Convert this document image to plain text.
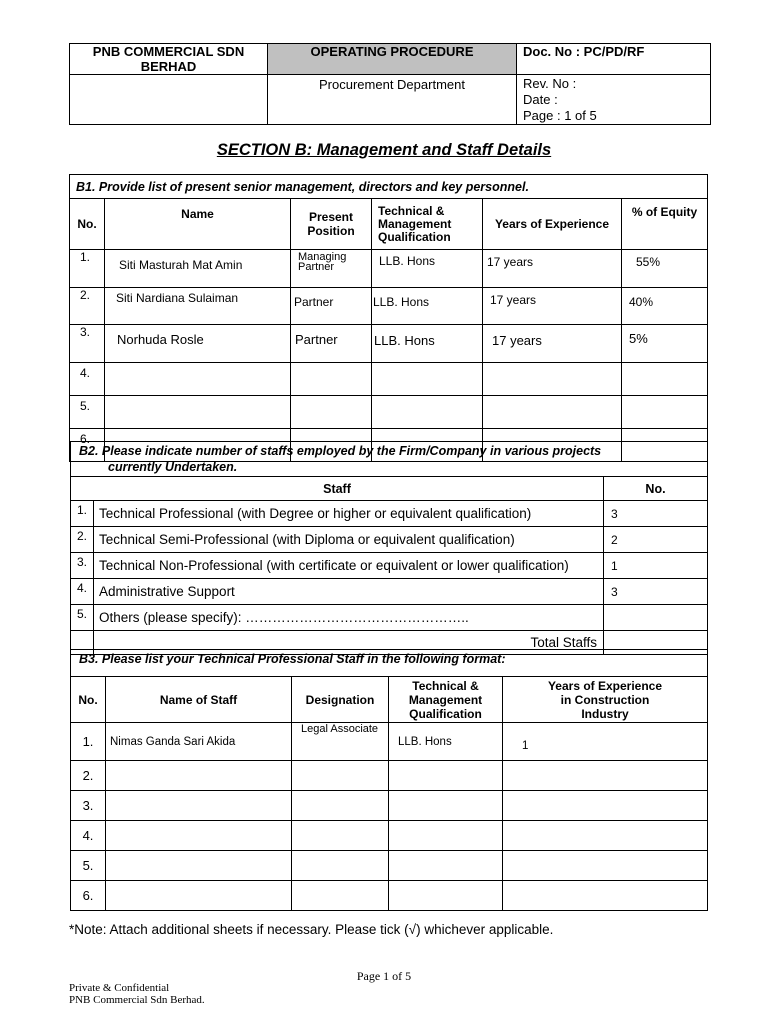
PNB COMMERCIAL SDN BERHAD	OPERATING PROCEDURE	Doc. No : PC/PD/RF
	Procurement Department	Rev. No :
Date :
Page : 1 of 5
SECTION B: Management and Staff Details
B1. Provide list of present senior management, directors and key personnel.					
No.	Name	Present Position	Technical & Management Qualification	Years of Experience	% of Equity
1.	Siti Masturah Mat Amin	Managing Partner	LLB. Hons	17 years	55%
2.	Siti Nardiana Sulaiman	Partner	LLB. Hons	17 years	40%
3.	Norhuda Rosle	Partner	LLB. Hons	17 years	5%
4.					
5.					
6.					
B2. Please indicate number of staffs employed by the Firm/Company in various projects
currently Undertaken.		

Staff		No.
1.	Technical Professional (with Degree or higher or equivalent qualification)	3
2.	Technical Semi-Professional (with Diploma or equivalent qualification)	2
3.	Technical Non-Professional (with certificate or equivalent or lower qualification)	1
4.	Administrative Support	3
5.	Others (please specify): …………………………………………..	
	Total Staffs	
B3. Please list your Technical Professional Staff in the following format:				
No.	Name of Staff	Designation	Technical & Management Qualification	Years of Experience in Construction Industry
1.	Nimas Ganda Sari Akida	Legal Associate	LLB. Hons	1
2.				
3.				
4.				
5.				
6.				
*Note: Attach additional sheets if necessary. Please tick (√) whichever applicable.
Page 1 of 5
Private & Confidential
PNB Commercial Sdn Berhad.
